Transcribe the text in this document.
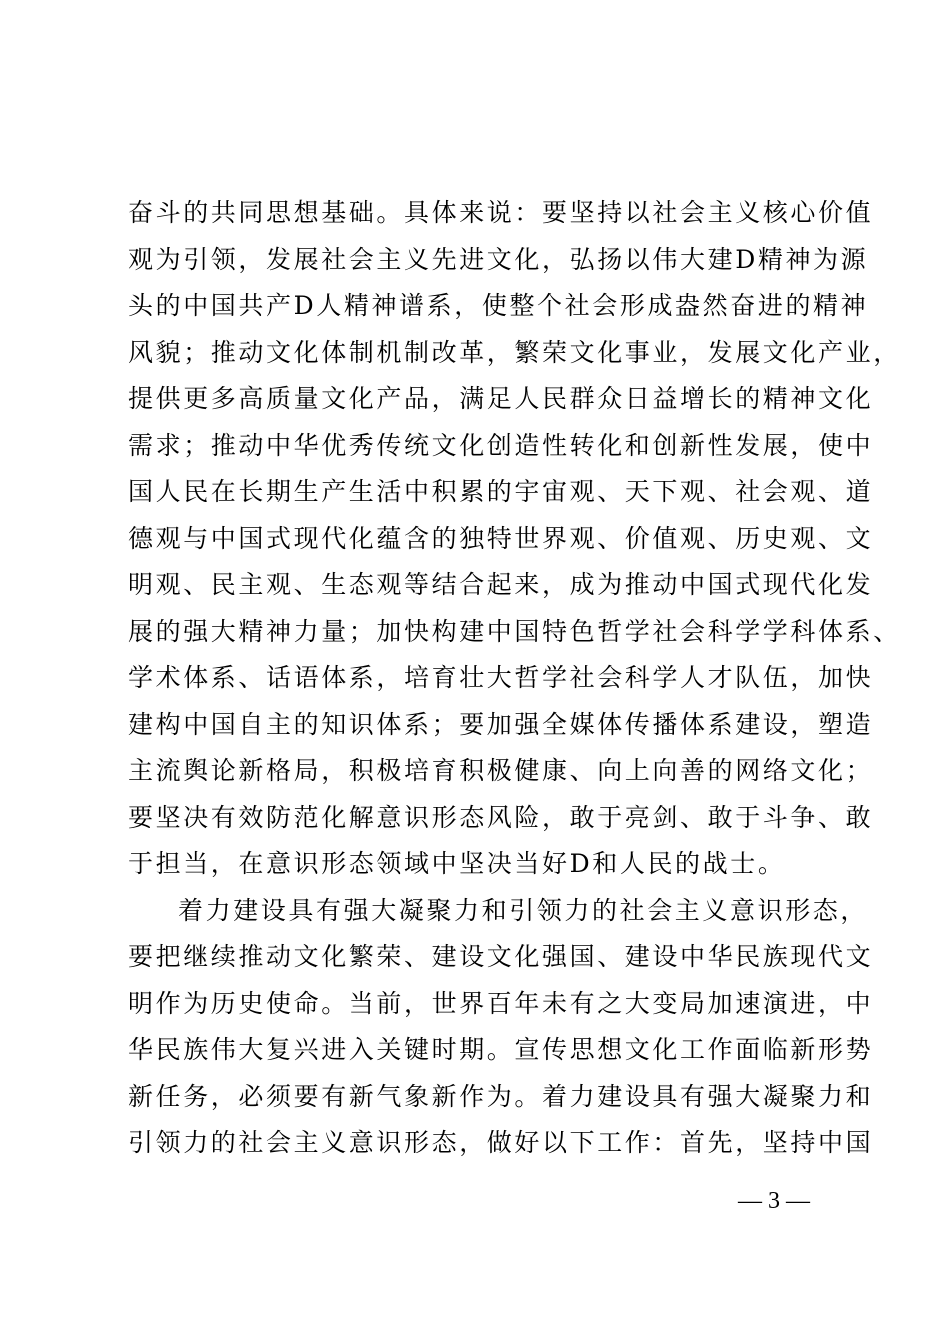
奋斗的共同思想基础。具体来说：要坚持以社会主义核心价值
观为引领，发展社会主义先进文化，弘扬以伟大建D精神为源
头的中国共产D人精神谱系，使整个社会形成盎然奋进的精神
风貌；推动文化体制机制改革，繁荣文化事业，发展文化产业，
提供更多高质量文化产品，满足人民群众日益增长的精神文化
需求；推动中华优秀传统文化创造性转化和创新性发展，使中
国人民在长期生产生活中积累的宇宙观、天下观、社会观、道
德观与中国式现代化蕴含的独特世界观、价值观、历史观、文
明观、民主观、生态观等结合起来，成为推动中国式现代化发
展的强大精神力量；加快构建中国特色哲学社会科学学科体系、
学术体系、话语体系，培育壮大哲学社会科学人才队伍，加快
建构中国自主的知识体系；要加强全媒体传播体系建设，塑造
主流舆论新格局，积极培育积极健康、向上向善的网络文化；
要坚决有效防范化解意识形态风险，敢于亮剑、敢于斗争、敢
于担当，在意识形态领域中坚决当好D和人民的战士。
着力建设具有强大凝聚力和引领力的社会主义意识形态，
要把继续推动文化繁荣、建设文化强国、建设中华民族现代文
明作为历史使命。当前，世界百年未有之大变局加速演进，中
华民族伟大复兴进入关键时期。宣传思想文化工作面临新形势
新任务，必须要有新气象新作为。着力建设具有强大凝聚力和
引领力的社会主义意识形态，做好以下工作：首先，坚持中国
— 3 —
